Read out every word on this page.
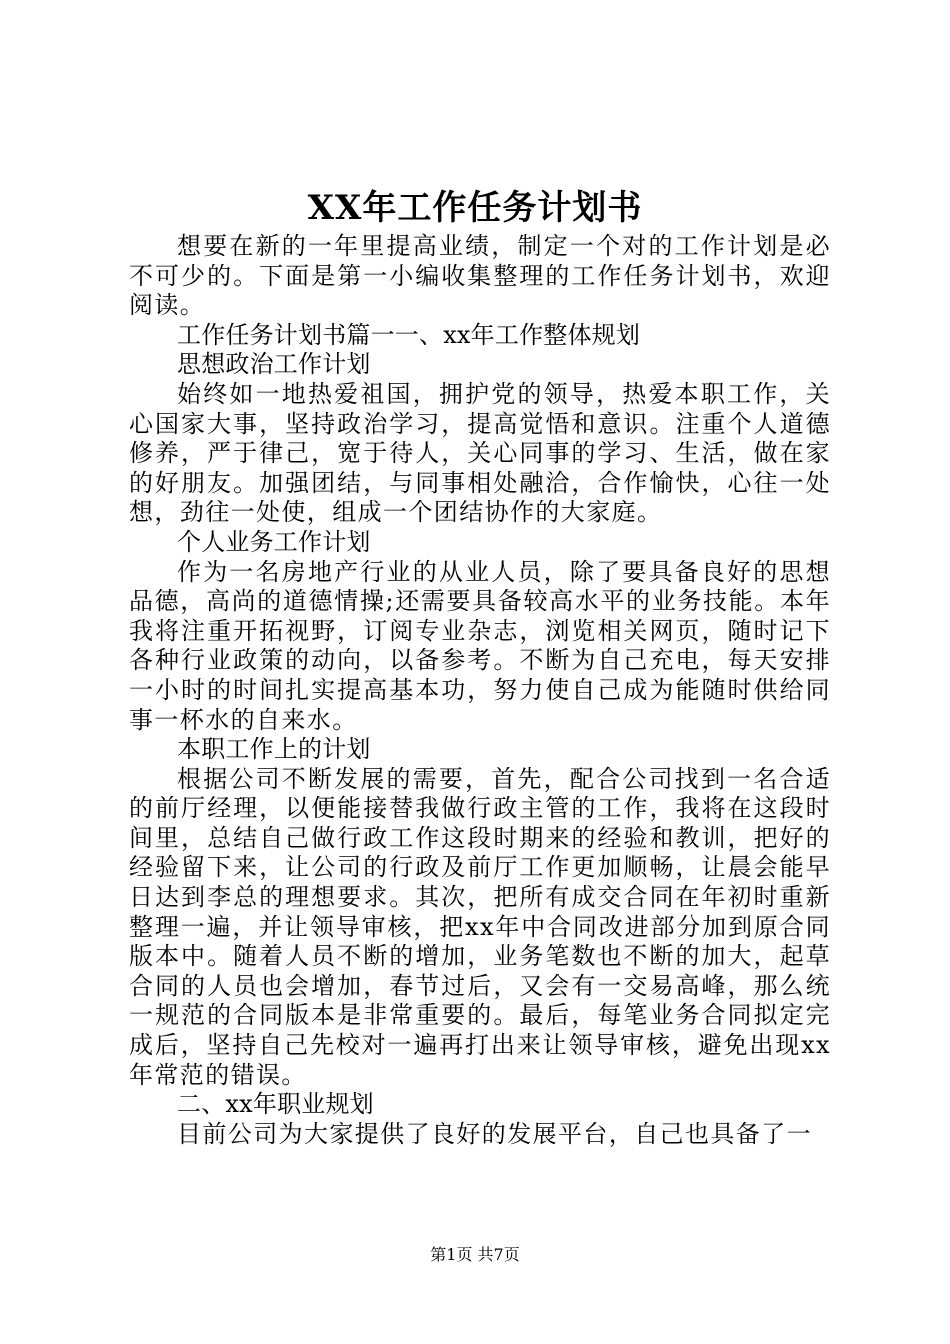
XX年工作任务计划书

想要在新的一年里提高业绩，制定一个对的工作计划是必不可少的。下面是第一小编收集整理的工作任务计划书，欢迎阅读。

工作任务计划书篇一一、xx年工作整体规划

思想政治工作计划

始终如一地热爱祖国，拥护党的领导，热爱本职工作，关心国家大事，坚持政治学习，提高觉悟和意识。注重个人道德修养，严于律己，宽于待人，关心同事的学习、生活，做在家的好朋友。加强团结，与同事相处融洽，合作愉快，心往一处想，劲往一处使，组成一个团结协作的大家庭。

个人业务工作计划

作为一名房地产行业的从业人员，除了要具备良好的思想品德，高尚的道德情操;还需要具备较高水平的业务技能。本年我将注重开拓视野，订阅专业杂志，浏览相关网页，随时记下各种行业政策的动向，以备参考。不断为自己充电，每天安排一小时的时间扎实提高基本功，努力使自己成为能随时供给同事一杯水的自来水。

本职工作上的计划

根据公司不断发展的需要，首先，配合公司找到一名合适的前厅经理，以便能接替我做行政主管的工作，我将在这段时间里，总结自己做行政工作这段时期来的经验和教训，把好的经验留下来，让公司的行政及前厅工作更加顺畅，让晨会能早日达到李总的理想要求。其次，把所有成交合同在年初时重新整理一遍，并让领导审核，把xx年中合同改进部分加到原合同版本中。随着人员不断的增加，业务笔数也不断的加大，起草合同的人员也会增加，春节过后，又会有一交易高峰，那么统一规范的合同版本是非常重要的。最后，每笔业务合同拟定完成后，坚持自己先校对一遍再打出来让领导审核，避免出现xx年常范的错误。

二、xx年职业规划

目前公司为大家提供了良好的发展平台，自己也具备了一

第1页 共7页
